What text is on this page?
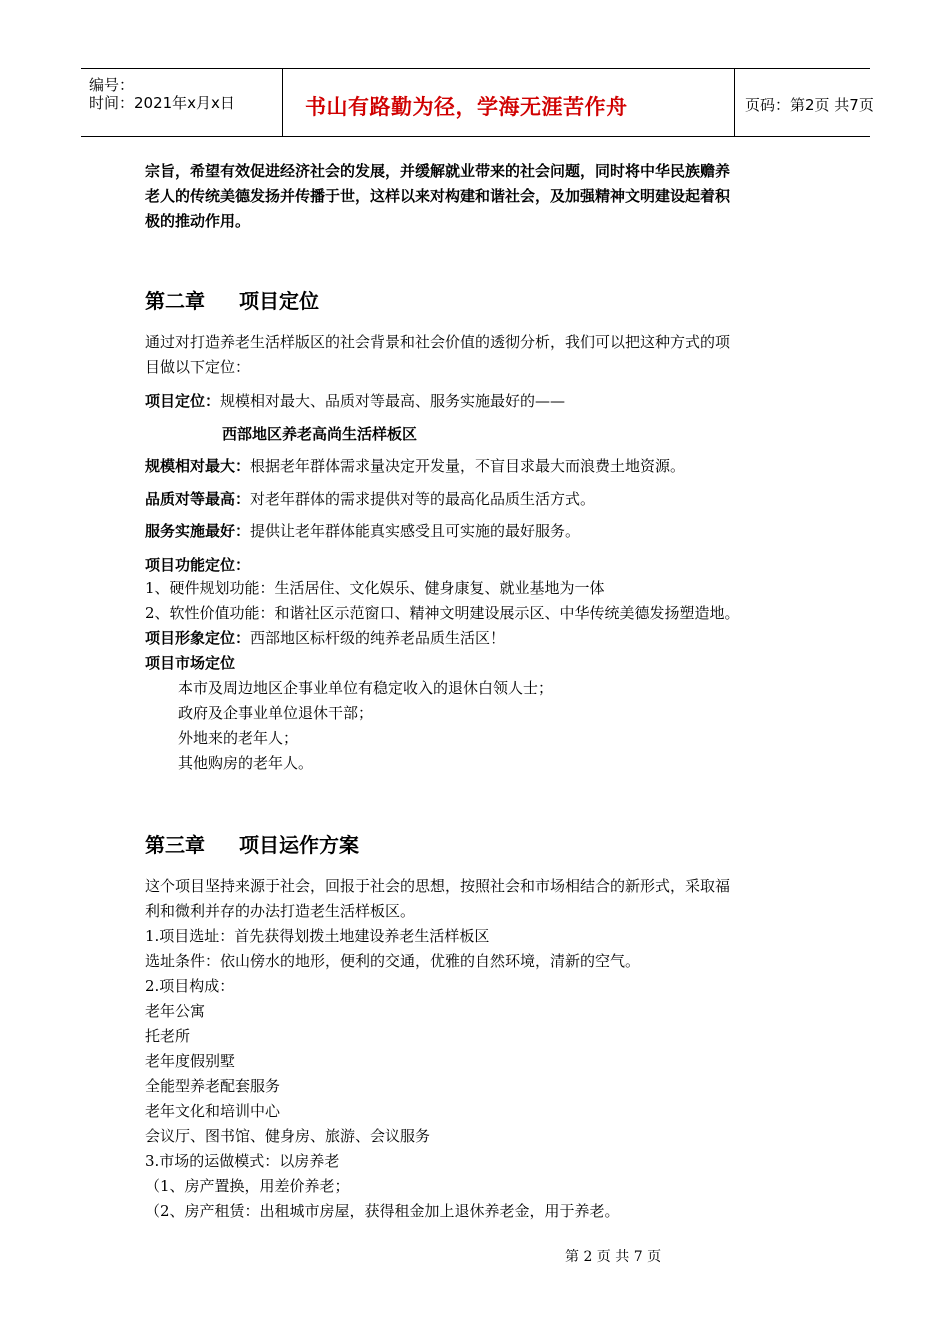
编号：
时间：2021年x月x日	书山有路勤为径，学海无涯苦作舟	页码：第2页 共7页
宗旨，希望有效促进经济社会的发展，并缓解就业带来的社会问题，同时将中华民族赡养
老人的传统美德发扬并传播于世，这样以来对构建和谐社会，及加强精神文明建设起着积
极的推动作用。
第二章 项目定位
通过对打造养老生活样版区的社会背景和社会价值的透彻分析，我们可以把这种方式的项
目做以下定位：
项目定位：规模相对最大、品质对等最高、服务实施最好的——
西部地区养老高尚生活样板区
规模相对最大：根据老年群体需求量决定开发量，不盲目求最大而浪费土地资源。
品质对等最高：对老年群体的需求提供对等的最高化品质生活方式。
服务实施最好：提供让老年群体能真实感受且可实施的最好服务。
项目功能定位：
1、硬件规划功能：生活居住、文化娱乐、健身康复、就业基地为一体
2、软性价值功能：和谐社区示范窗口、精神文明建设展示区、中华传统美德发扬塑造地。
项目形象定位：西部地区标杆级的纯养老品质生活区！
项目市场定位
本市及周边地区企事业单位有稳定收入的退休白领人士；
政府及企事业单位退休干部；
外地来的老年人；
其他购房的老年人。
第三章 项目运作方案
这个项目坚持来源于社会，回报于社会的思想，按照社会和市场相结合的新形式，采取福
利和微利并存的办法打造老生活样板区。
1.项目选址：首先获得划拨土地建设养老生活样板区
选址条件：依山傍水的地形，便利的交通，优雅的自然环境，清新的空气。
2.项目构成：
老年公寓
托老所
老年度假别墅
全能型养老配套服务
老年文化和培训中心
会议厅、图书馆、健身房、旅游、会议服务
3.市场的运做模式：以房养老
（1、房产置换，用差价养老；
（2、房产租赁：出租城市房屋，获得租金加上退休养老金，用于养老。
第 2 页 共 7 页
